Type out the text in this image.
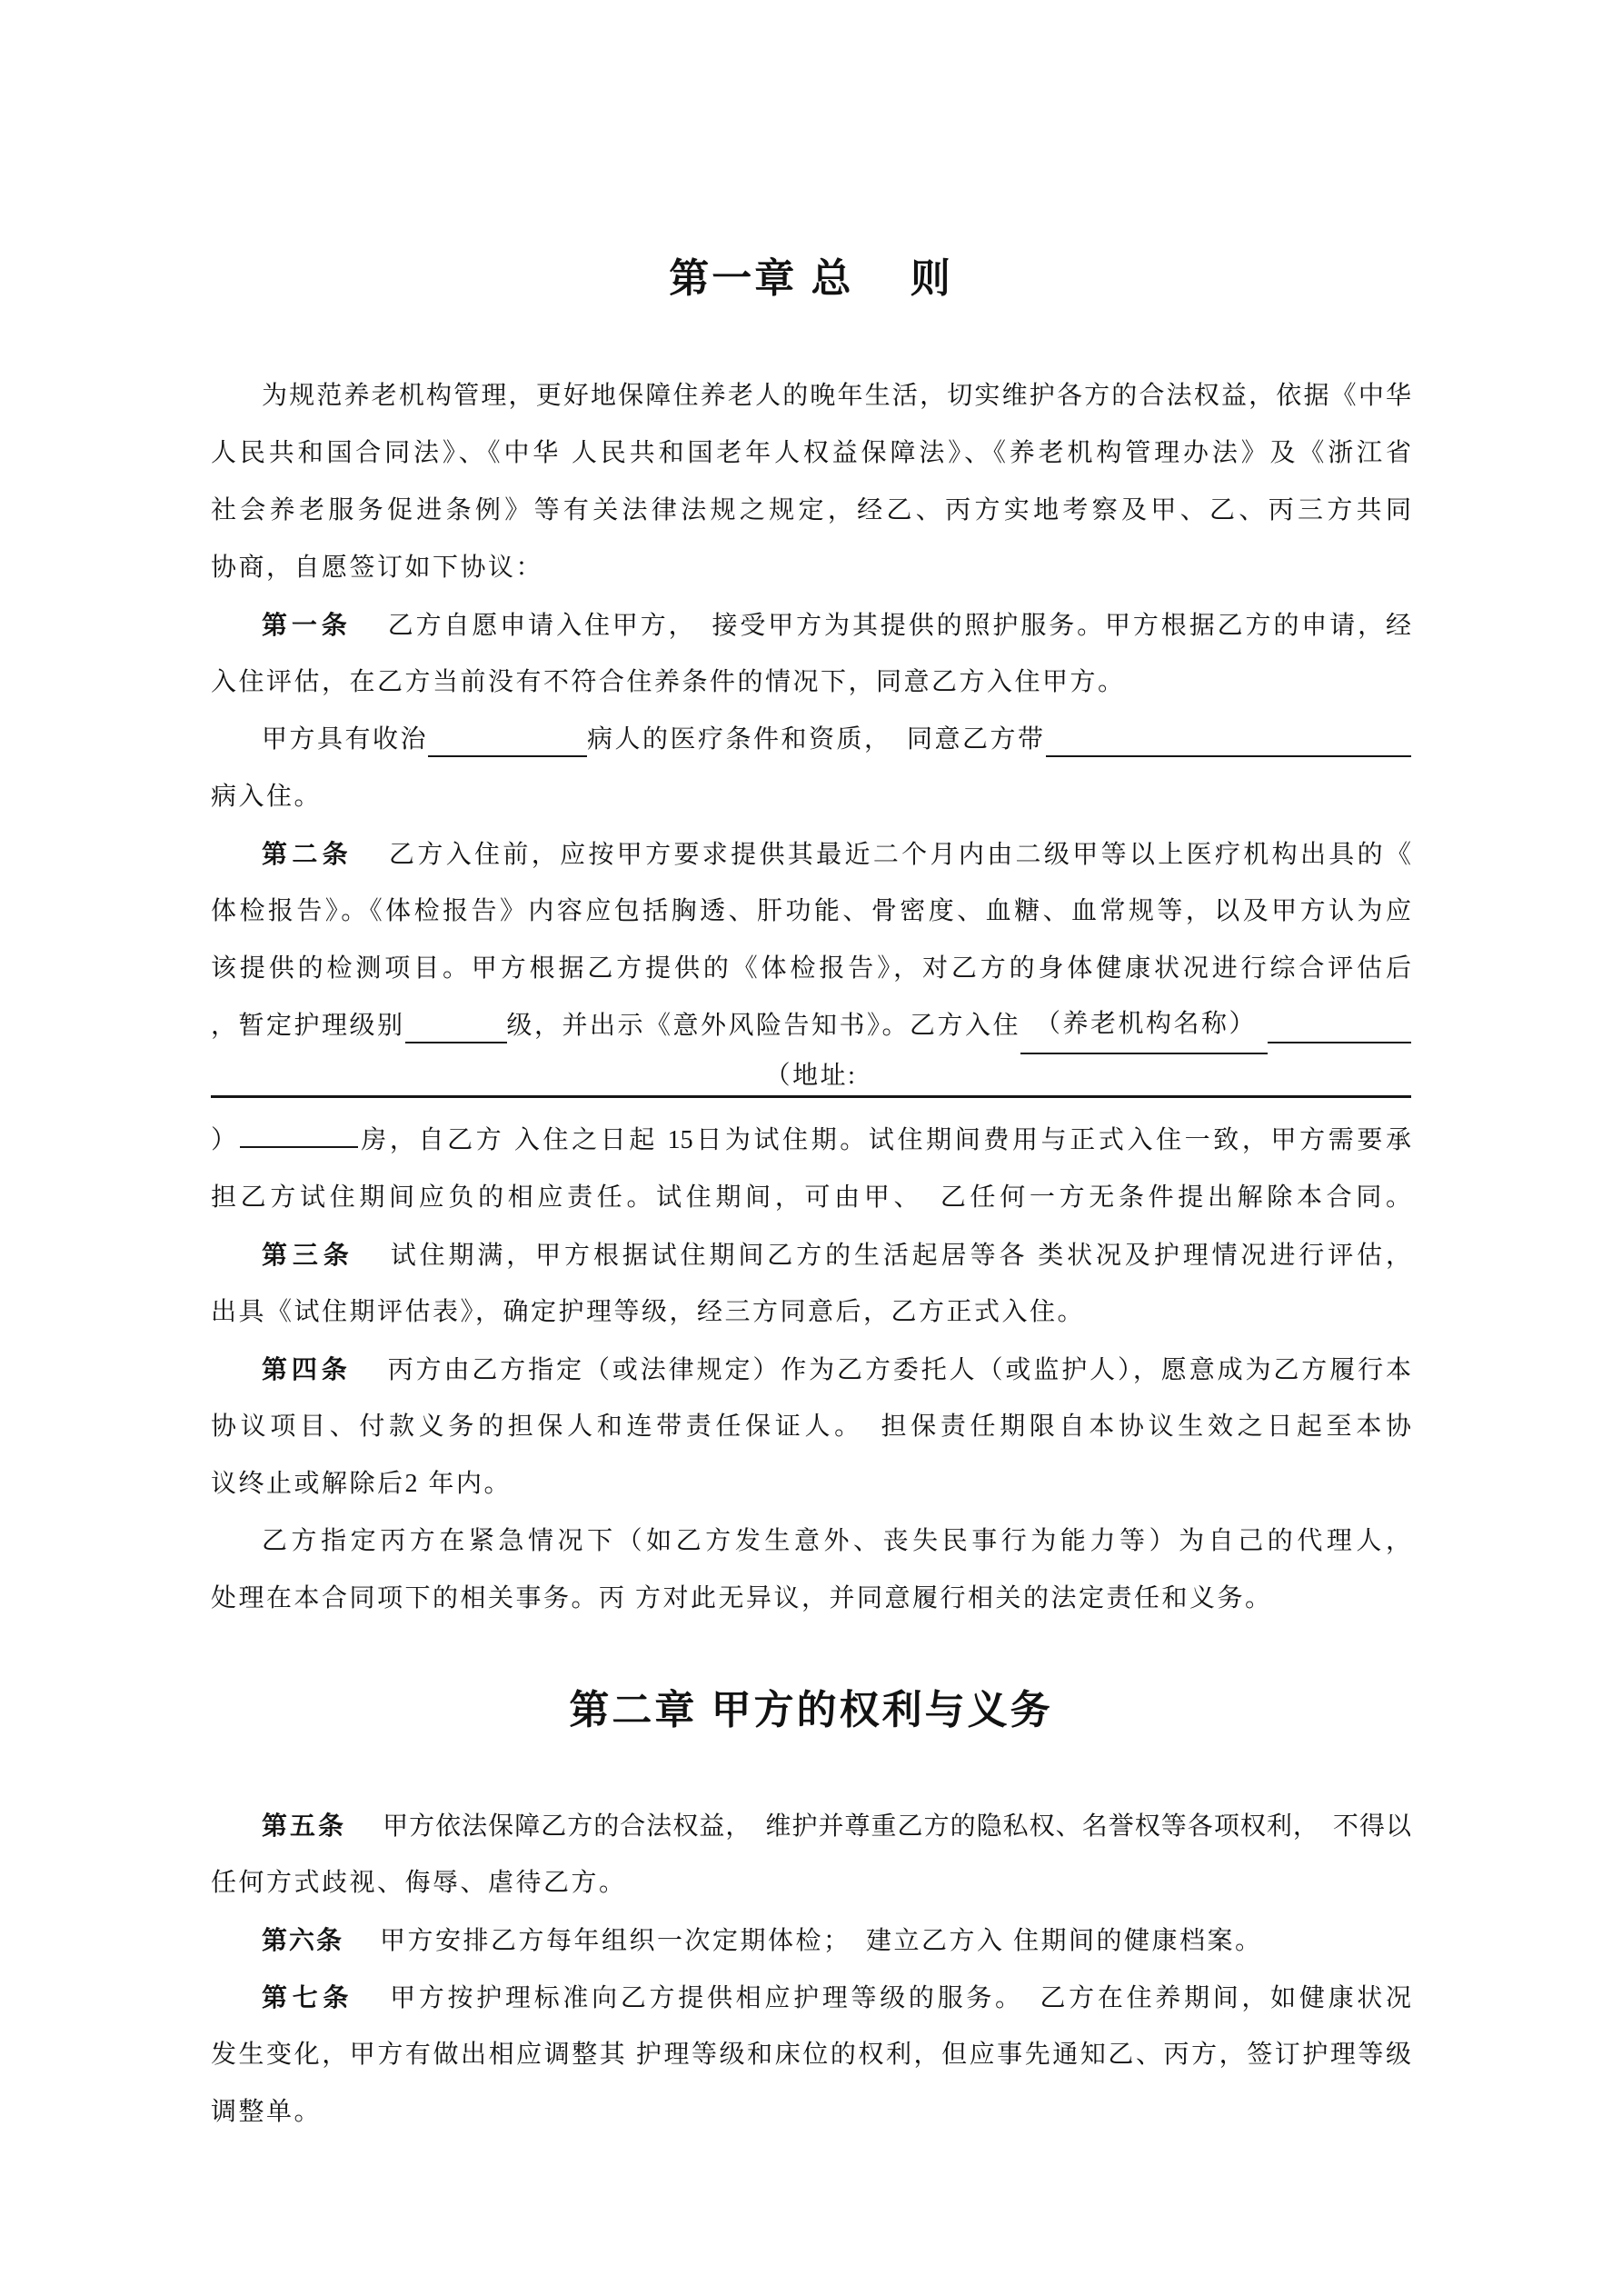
第一章 总　 则
为规范养老机构管理，更好地保障住养老人的晚年生活，切实维护各方的合法权益，依据《中华
人民共和国合同法》、《中华 人民共和国老年人权益保障法》、《养老机构管理办法》及《浙江省
社会养老服务促进条例》等有关法律法规之规定，经乙、丙方实地考察及甲、乙、丙三方共同
协商，自愿签订如下协议：
第一条 乙方自愿申请入住甲方，　接受甲方为其提供的照护服务。甲方根据乙方的申请，经
入住评估，在乙方当前没有不符合住养条件的情况下，同意乙方入住甲方。
甲方具有收治	病人的医疗条件和资质，　同意乙方带
病入住。
第二条 乙方入住前，应按甲方要求提供其最近二个月内由二级甲等以上医疗机构出具的《
体检报告》。《体检报告》内容应包括胸透、肝功能、骨密度、血糖、血常规等，以及甲方认为应
该提供的检测项目。甲方根据乙方提供的《体检报告》，对乙方的身体健康状况进行综合评估后
，暂定护理级别	级，并出示《意外风险告知书》。乙方入住 （养老机构名称）
（地址:
）	房，自乙方 入住之日起 15日为试住期。试住期间费用与正式入住一致，甲方需要承
担乙方试住期间应负的相应责任。试住期间，可由甲、　乙任何一方无条件提出解除本合同。
第三条 试住期满，甲方根据试住期间乙方的生活起居等各 类状况及护理情况进行评估，
出具《试住期评估表》，确定护理等级，经三方同意后，乙方正式入住。
第四条 丙方由乙方指定（或法律规定）作为乙方委托人（或监护人），愿意成为乙方履行本
协议项目、付款义务的担保人和连带责任保证人。　担保责任期限自本协议生效之日起至本协
议终止或解除后2 年内。
乙方指定丙方在紧急情况下（如乙方发生意外、丧失民事行为能力等）为自己的代理人，
处理在本合同项下的相关事务。丙 方对此无异议，并同意履行相关的法定责任和义务。
第二章 甲方的权利与义务
第五条 甲方依法保障乙方的合法权益，　维护并尊重乙方的隐私权、名誉权等各项权利，　不得以
任何方式歧视、侮辱、虐待乙方。
第六条 甲方安排乙方每年组织一次定期体检；　建立乙方入 住期间的健康档案。
第七条 甲方按护理标准向乙方提供相应护理等级的服务。　乙方在住养期间，如健康状况
发生变化，甲方有做出相应调整其 护理等级和床位的权利，但应事先通知乙、丙方，签订护理等级
调整单。
